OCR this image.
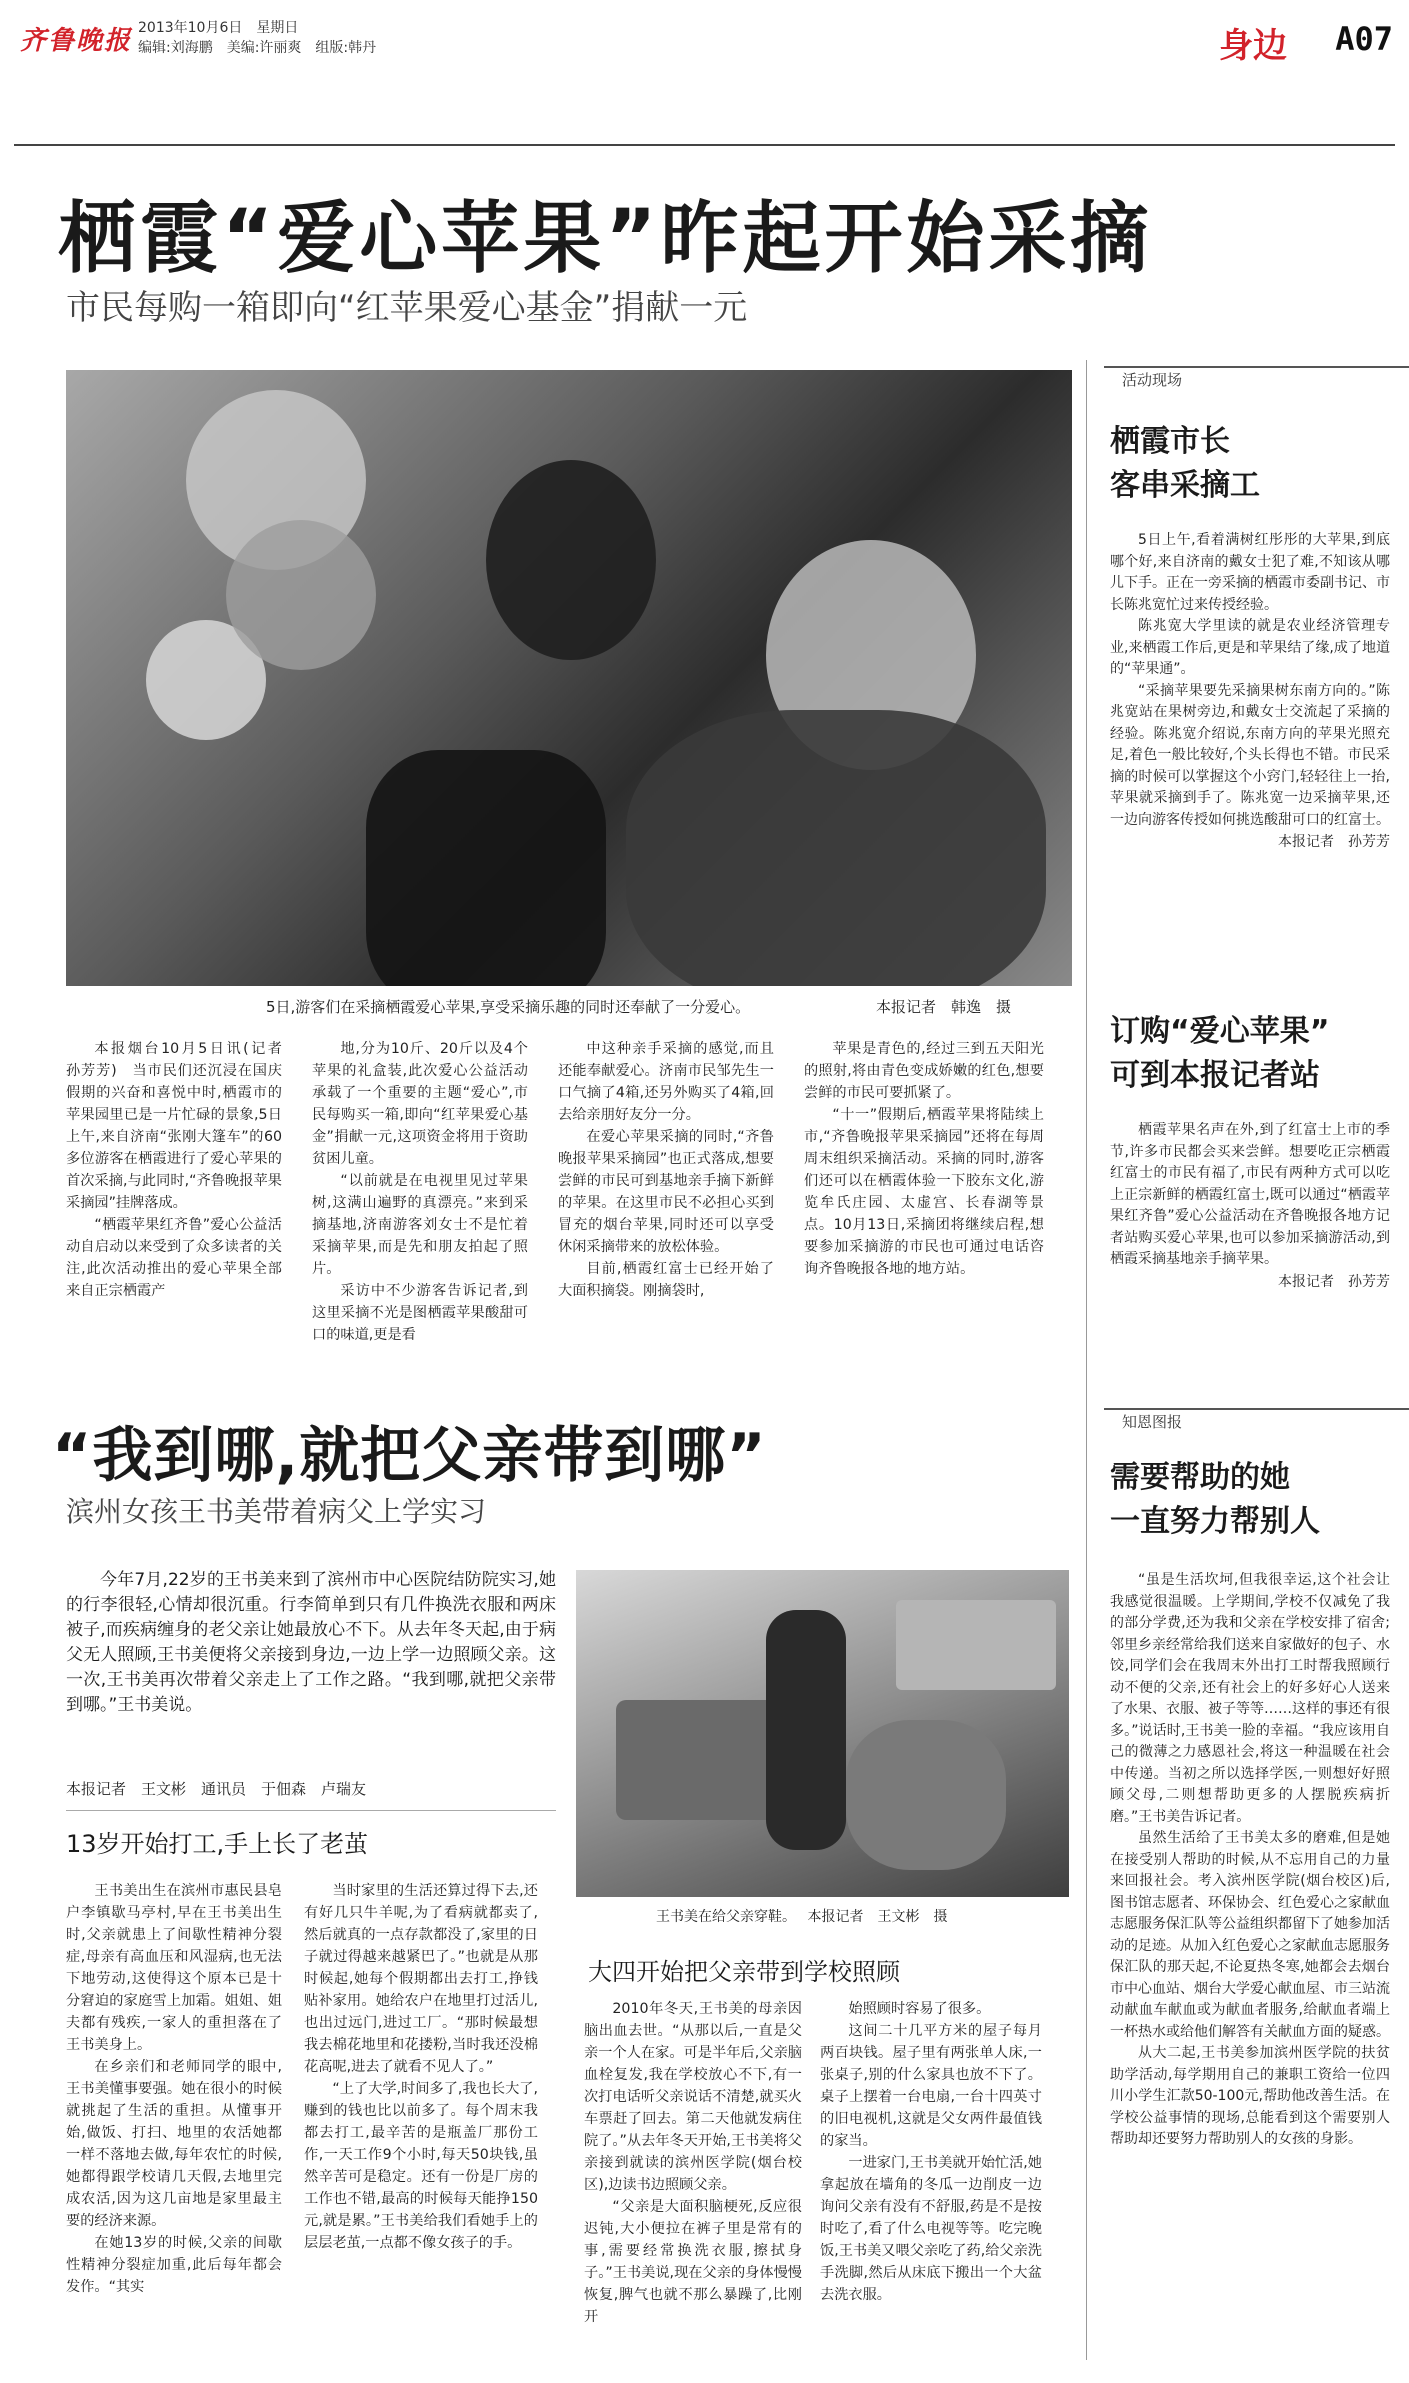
齐鲁晚报 2013年10月6日　星期日
编辑:刘海鹏　美编:许丽爽　组版:韩丹	身边 A07
栖霞“爱心苹果”昨起开始采摘
市民每购一箱即向“红苹果爱心基金”捐献一元
5日,游客们在采摘栖霞爱心苹果,享受采摘乐趣的同时还奉献了一分爱心。	本报记者　韩逸　摄

本报烟台10月5日讯(记者　孙芳芳)　当市民们还沉浸在国庆假期的兴奋和喜悦中时,栖霞市的苹果园里已是一片忙碌的景象,5日上午,来自济南“张刚大篷车”的60多位游客在栖霞进行了爱心苹果的首次采摘,与此同时,“齐鲁晚报苹果采摘园”挂牌落成。

“栖霞苹果红齐鲁”爱心公益活动自启动以来受到了众多读者的关注,此次活动推出的爱心苹果全部来自正宗栖霞产

地,分为10斤、20斤以及4个苹果的礼盒装,此次爱心公益活动承载了一个重要的主题“爱心”,市民每购买一箱,即向“红苹果爱心基金”捐献一元,这项资金将用于资助贫困儿童。

“以前就是在电视里见过苹果树,这满山遍野的真漂亮。”来到采摘基地,济南游客刘女士不是忙着采摘苹果,而是先和朋友拍起了照片。

采访中不少游客告诉记者,到这里采摘不光是图栖霞苹果酸甜可口的味道,更是看

中这种亲手采摘的感觉,而且还能奉献爱心。济南市民邹先生一口气摘了4箱,还另外购买了4箱,回去给亲朋好友分一分。

在爱心苹果采摘的同时,“齐鲁晚报苹果采摘园”也正式落成,想要尝鲜的市民可到基地亲手摘下新鲜的苹果。在这里市民不必担心买到冒充的烟台苹果,同时还可以享受休闲采摘带来的放松体验。

目前,栖霞红富士已经开始了大面积摘袋。刚摘袋时,

苹果是青色的,经过三到五天阳光的照射,将由青色变成娇嫩的红色,想要尝鲜的市民可要抓紧了。

“十一”假期后,栖霞苹果将陆续上市,“齐鲁晚报苹果采摘园”还将在每周周末组织采摘活动。采摘的同时,游客们还可以在栖霞体验一下胶东文化,游览牟氏庄园、太虚宫、长春湖等景点。10月13日,采摘团将继续启程,想要参加采摘游的市民也可通过电话咨询齐鲁晚报各地的地方站。

活动现场
栖霞市长
客串采摘工

5日上午,看着满树红彤彤的大苹果,到底哪个好,来自济南的戴女士犯了难,不知该从哪儿下手。正在一旁采摘的栖霞市委副书记、市长陈兆宽忙过来传授经验。

陈兆宽大学里读的就是农业经济管理专业,来栖霞工作后,更是和苹果结了缘,成了地道的“苹果通”。

“采摘苹果要先采摘果树东南方向的。”陈兆宽站在果树旁边,和戴女士交流起了采摘的经验。陈兆宽介绍说,东南方向的苹果光照充足,着色一般比较好,个头长得也不错。市民采摘的时候可以掌握这个小窍门,轻轻往上一抬,苹果就采摘到手了。陈兆宽一边采摘苹果,还一边向游客传授如何挑选酸甜可口的红富士。

本报记者　孙芳芳
订购“爱心苹果”
可到本报记者站

栖霞苹果名声在外,到了红富士上市的季节,许多市民都会买来尝鲜。想要吃正宗栖霞红富士的市民有福了,市民有两种方式可以吃上正宗新鲜的栖霞红富士,既可以通过“栖霞苹果红齐鲁”爱心公益活动在齐鲁晚报各地方记者站购买爱心苹果,也可以参加采摘游活动,到栖霞采摘基地亲手摘苹果。

本报记者　孙芳芳
“我到哪,就把父亲带到哪”
滨州女孩王书美带着病父上学实习

今年7月,22岁的王书美来到了滨州市中心医院结防院实习,她的行李很轻,心情却很沉重。行李简单到只有几件换洗衣服和两床被子,而疾病缠身的老父亲让她最放心不下。从去年冬天起,由于病父无人照顾,王书美便将父亲接到身边,一边上学一边照顾父亲。这一次,王书美再次带着父亲走上了工作之路。“我到哪,就把父亲带到哪。”王书美说。

本报记者　王文彬　通讯员　于佃森　卢瑞友
13岁开始打工,手上长了老茧
王书美在给父亲穿鞋。　 本报记者　王文彬　摄
大四开始把父亲带到学校照顾

王书美出生在滨州市惠民县皂户李镇歇马亭村,早在王书美出生时,父亲就患上了间歇性精神分裂症,母亲有高血压和风湿病,也无法下地劳动,这使得这个原本已是十分窘迫的家庭雪上加霜。姐姐、姐夫都有残疾,一家人的重担落在了王书美身上。

在乡亲们和老师同学的眼中,王书美懂事要强。她在很小的时候就挑起了生活的重担。从懂事开始,做饭、打扫、地里的农活她都一样不落地去做,每年农忙的时候,她都得跟学校请几天假,去地里完成农活,因为这几亩地是家里最主要的经济来源。

在她13岁的时候,父亲的间歇性精神分裂症加重,此后每年都会发作。“其实

当时家里的生活还算过得下去,还有好几只牛羊呢,为了看病就都卖了,然后就真的一点存款都没了,家里的日子就过得越来越紧巴了。”也就是从那时候起,她每个假期都出去打工,挣钱贴补家用。她给农户在地里打过活儿,也出过远门,进过工厂。“那时候最想我去棉花地里和花搂粉,当时我还没棉花高呢,进去了就看不见人了。”

“上了大学,时间多了,我也长大了,赚到的钱也比以前多了。每个周末我都去打工,最辛苦的是瓶盖厂那份工作,一天工作9个小时,每天50块钱,虽然辛苦可是稳定。还有一份是厂房的工作也不错,最高的时候每天能挣150元,就是累。”王书美给我们看她手上的层层老茧,一点都不像女孩子的手。

2010年冬天,王书美的母亲因脑出血去世。“从那以后,一直是父亲一个人在家。可是半年后,父亲脑血栓复发,我在学校放心不下,有一次打电话听父亲说话不清楚,就买火车票赶了回去。第二天他就发病住院了。”从去年冬天开始,王书美将父亲接到就读的滨州医学院(烟台校区),边读书边照顾父亲。

“父亲是大面积脑梗死,反应很迟钝,大小便拉在裤子里是常有的事,需要经常换洗衣服,擦拭身子。”王书美说,现在父亲的身体慢慢恢复,脾气也就不那么暴躁了,比刚开

始照顾时容易了很多。

这间二十几平方米的屋子每月两百块钱。屋子里有两张单人床,一张桌子,别的什么家具也放不下了。桌子上摆着一台电扇,一台十四英寸的旧电视机,这就是父女两件最值钱的家当。

一进家门,王书美就开始忙活,她拿起放在墙角的冬瓜一边削皮一边询问父亲有没有不舒服,药是不是按时吃了,看了什么电视等等。吃完晚饭,王书美又喂父亲吃了药,给父亲洗手洗脚,然后从床底下搬出一个大盆去洗衣服。

知恩图报
需要帮助的她
一直努力帮别人

“虽是生活坎坷,但我很幸运,这个社会让我感觉很温暖。上学期间,学校不仅减免了我的部分学费,还为我和父亲在学校安排了宿舍;邻里乡亲经常给我们送来自家做好的包子、水饺,同学们会在我周末外出打工时帮我照顾行动不便的父亲,还有社会上的好多好心人送来了水果、衣服、被子等等……这样的事还有很多。”说话时,王书美一脸的幸福。“我应该用自己的微薄之力感恩社会,将这一种温暖在社会中传递。当初之所以选择学医,一则想好好照顾父母,二则想帮助更多的人摆脱疾病折磨。”王书美告诉记者。

虽然生活给了王书美太多的磨难,但是她在接受别人帮助的时候,从不忘用自己的力量来回报社会。考入滨州医学院(烟台校区)后,图书馆志愿者、环保协会、红色爱心之家献血志愿服务保汇队等公益组织都留下了她参加活动的足迹。从加入红色爱心之家献血志愿服务保汇队的那天起,不论夏热冬寒,她都会去烟台市中心血站、烟台大学爱心献血屋、市三站流动献血车献血或为献血者服务,给献血者端上一杯热水或给他们解答有关献血方面的疑惑。

从大二起,王书美参加滨州医学院的扶贫助学活动,每学期用自己的兼职工资给一位四川小学生汇款50-100元,帮助他改善生活。在学校公益事情的现场,总能看到这个需要别人帮助却还要努力帮助别人的女孩的身影。
